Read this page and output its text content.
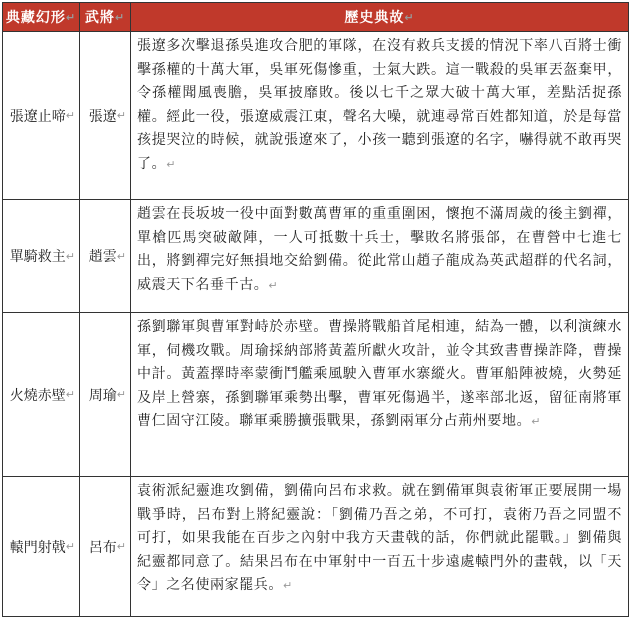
典藏幻形 ↵ 武將 ↵	歷史典故 ↵
張遼止啼 ↵ 張遼 ↵
張遼多次擊退孫吳進攻合肥的軍隊，在沒有救兵支援的情況下率八百將士衝擊孫權的十萬大軍，吳軍死傷慘重，士氣大跌。這一戰殺的吳軍丟盔棄甲，令孫權聞風喪膽，吳軍披靡敗。後以七千之眾大破十萬大軍，差點活捉孫權。經此一役，張遼威震江東，聲名大噪，就連尋常百姓都知道，於是每當孩提哭泣的時候，就說張遼來了，小孩一聽到張遼的名字，嚇得就不敢再哭了。↵
單騎救主 ↵ 趙雲 ↵
趙雲在長坂坡一役中面對數萬曹軍的重重圍困，懷抱不滿周歲的後主劉禪，單槍匹馬突破敵陣，一人可抵數十兵士，擊敗名將張郃，在曹營中七進七出，將劉禪完好無損地交給劉備。從此常山趙子龍成為英武超群的代名詞，威震天下名垂千古。↵
火燒赤壁 ↵ 周瑜 ↵
孫劉聯軍與曹軍對峙於赤壁。曹操將戰船首尾相連，結為一體，以利演練水軍，伺機攻戰。周瑜採納部將黃蓋所獻火攻計，並令其致書曹操詐降，曹操中計。黃蓋擇時率蒙衝鬥艦乘風駛入曹軍水寨縱火。曹軍船陣被燒，火勢延及岸上營寨，孫劉聯軍乘勢出擊，曹軍死傷過半，遂率部北返，留征南將軍曹仁固守江陵。聯軍乘勝擴張戰果，孫劉兩軍分占荊州要地。↵
轅門射戟 ↵ 呂布 ↵
袁術派紀靈進攻劉備，劉備向呂布求救。就在劉備軍與袁術軍正要展開一場戰爭時，呂布對上將紀靈說：「劉備乃吾之弟，不可打，袁術乃吾之同盟不可打，如果我能在百步之內射中我方天畫戟的話，你們就此罷戰。」劉備與紀靈都同意了。結果呂布在中軍射中一百五十步遠處轅門外的畫戟，以「天令」之名使兩家罷兵。↵
